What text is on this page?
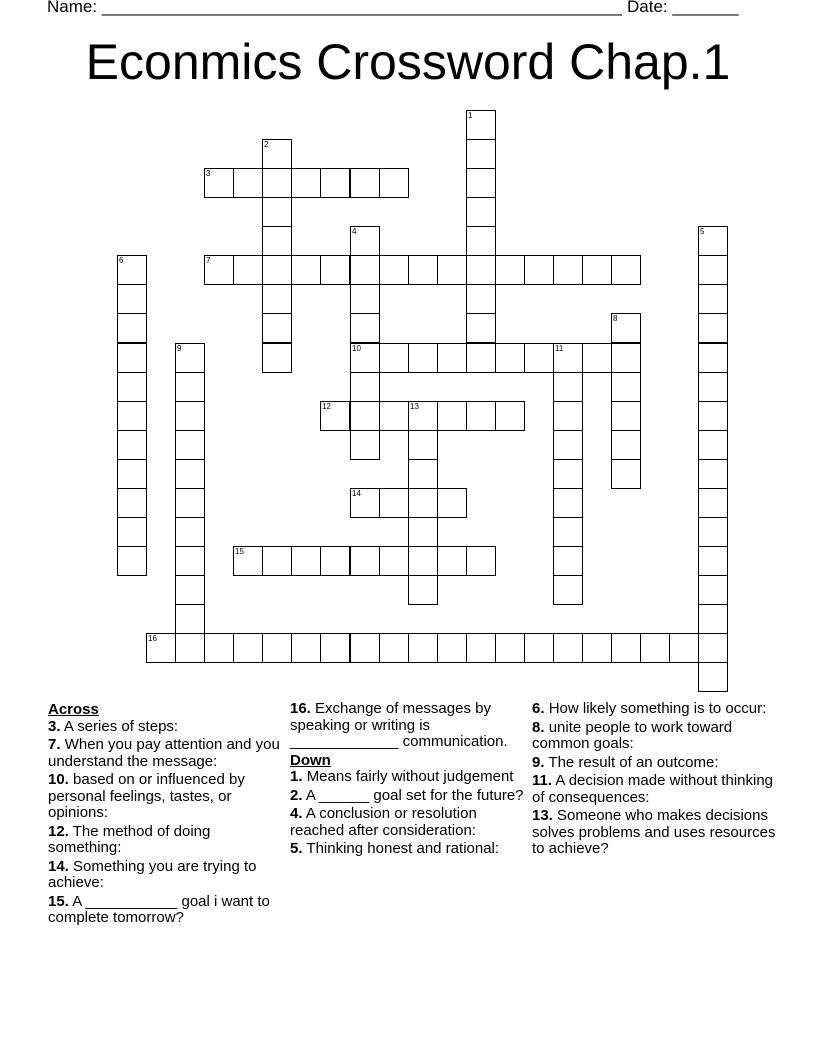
Name: _______________________________________________________ Date: _______
Econmics Crossword Chap.1
1
2
3
4
10
5
6	7
8
9	11
12	13
14
15
16
Across
3. A series of steps:
7. When you pay attention and you understand the message:
10. based on or influenced by personal feelings, tastes, or opinions:
12. The method of doing something:
14. Something you are trying to achieve:
15. A ___________ goal i want to complete tomorrow?
16. Exchange of messages by speaking or writing is _____________ communication.
Down
1. Means fairly without judgement
2. A ______ goal set for the future?
4. A conclusion or resolution reached after consideration:
5. Thinking honest and rational:
6. How likely something is to occur:
8. unite people to work toward common goals:
9. The result of an outcome:
11. A decision made without thinking of consequences:
13. Someone who makes decisions solves problems and uses resources to achieve?
